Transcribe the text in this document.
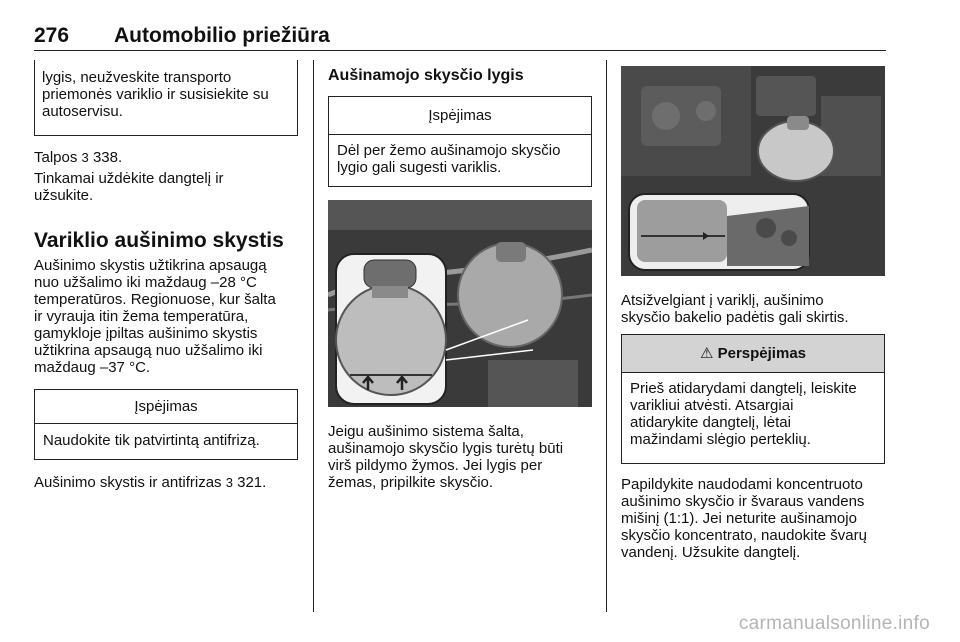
276 Automobilio priežiūra

lygis, neužveskite transporto

priemonės variklio ir susisiekite su

autoservisu.

Talpos 3 338.

Tinkamai uždėkite dangtelį ir

užsukite.

Variklio aušinimo skystis

Aušinimo skystis užtikrina apsaugą

nuo užšalimo iki maždaug –28 °C

temperatūros. Regionuose, kur šalta

ir vyrauja itin žema temperatūra,

gamykloje įpiltas aušinimo skystis

užtikrina apsaugą nuo užšalimo iki

maždaug –37 °C.

Įspėjimas
Naudokite tik patvirtintą antifrizą.
Aušinimo skystis ir antifrizas 3 321.
Aušinamojo skysčio lygis
Įspėjimas

Dėl per žemo aušinamojo skysčio

lygio gali sugesti variklis.

Jeigu aušinimo sistema šalta,

aušinamojo skysčio lygis turėtų būti

virš pildymo žymos. Jei lygis per

žemas, pripilkite skysčio.

Atsižvelgiant į variklį, aušinimo

skysčio bakelio padėtis gali skirtis.

⚠ Perspėjimas

Prieš atidarydami dangtelį, leiskite

varikliui atvėsti. Atsargiai

atidarykite dangtelį, lėtai

mažindami slėgio perteklių.

Papildykite naudodami koncentruoto

aušinimo skysčio ir švaraus vandens

mišinį (1:1). Jei neturite aušinamojo

skysčio koncentrato, naudokite švarų

vandenį. Užsukite dangtelį.

carmanualsonline.info
